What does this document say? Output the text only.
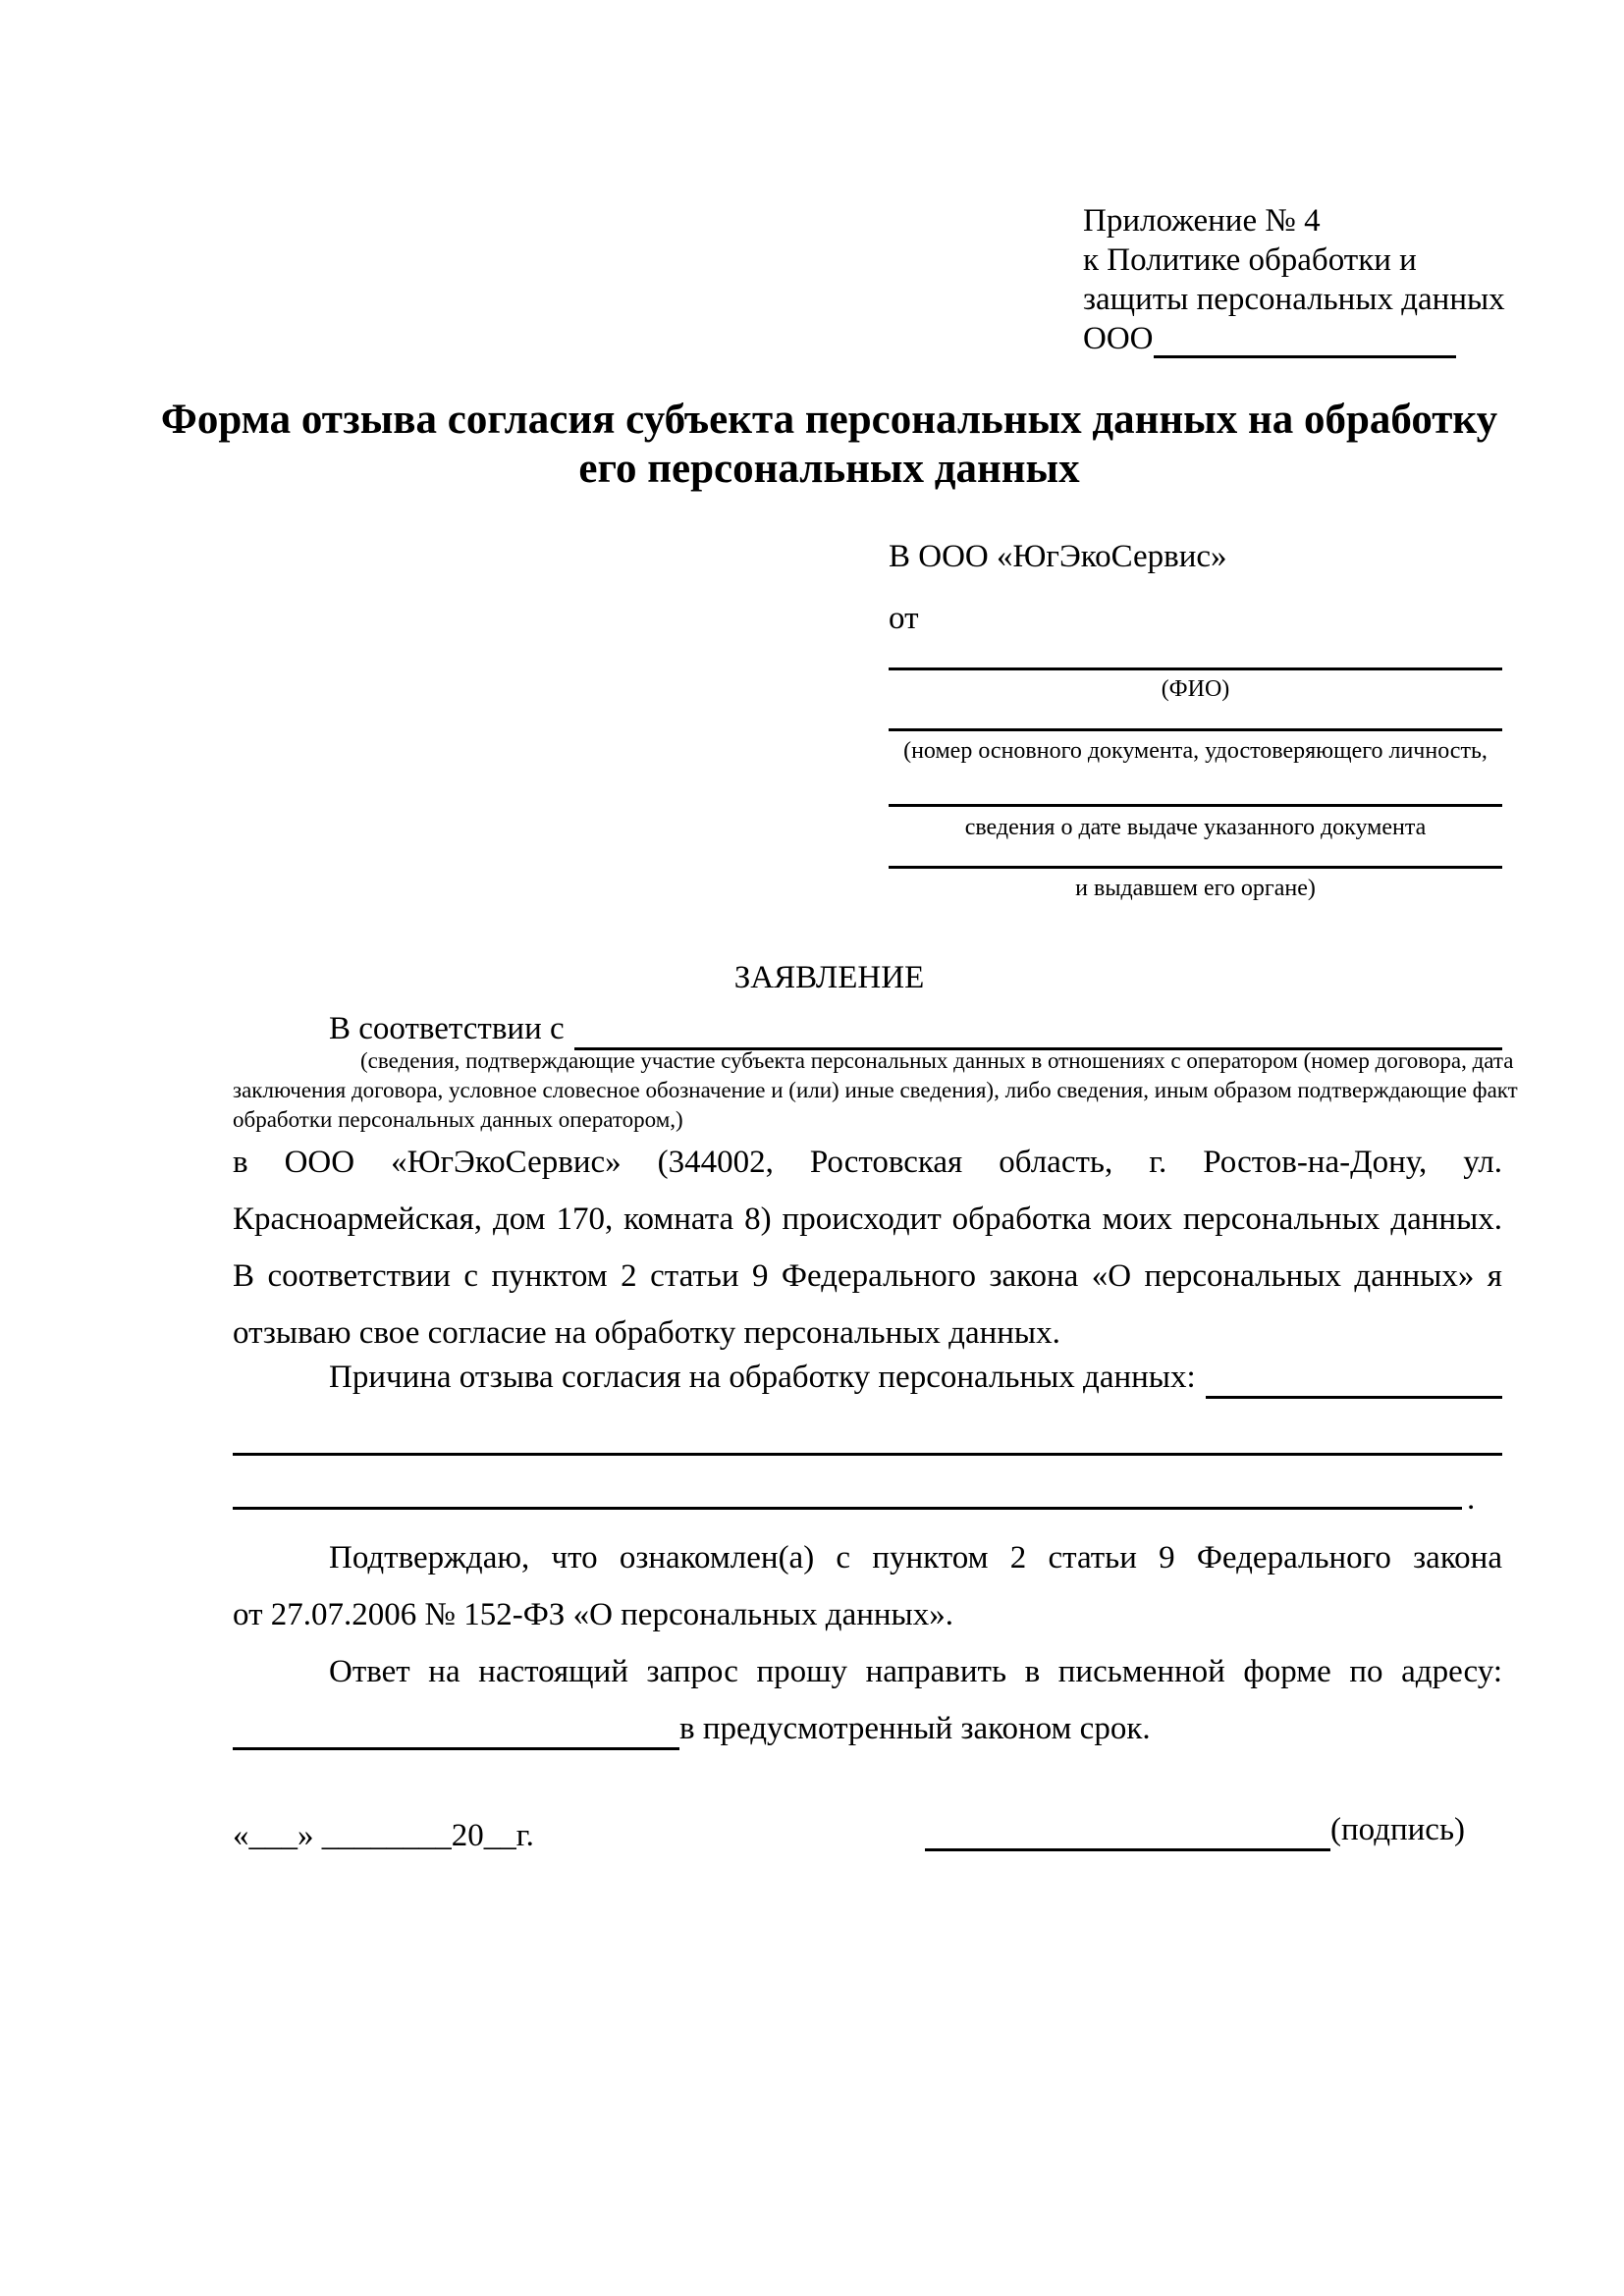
Приложение № 4
к Политике обработки и
защиты персональных данных
ООО
Форма отзыва согласия субъекта персональных данных на обработку
его персональных данных
В ООО «ЮгЭкоСервис»
от
(ФИО)
(номер основного документа, удостоверяющего личность,
сведения о дате выдаче указанного документа
и выдавшем его органе)
ЗАЯВЛЕНИЕ
В соответствии с
(сведения, подтверждающие участие субъекта персональных данных в отношениях с оператором (номер договора, дата
заключения договора, условное словесное обозначение и (или) иные сведения), либо сведения, иным образом подтверждающие факт
обработки персональных данных оператором,)
в ООО «ЮгЭкоСервис» (344002, Ростовская область, г. Ростов-на-Дону, ул.
Красноармейская, дом 170, комната 8) происходит обработка моих персональных данных.
В соответствии с пунктом 2 статьи 9 Федерального закона «О персональных данных» я
отзываю свое согласие на обработку персональных данных.
Причина отзыва согласия на обработку персональных данных:
.
Подтверждаю, что ознакомлен(а) с пунктом 2 статьи 9 Федерального закона
от 27.07.2006 № 152-ФЗ «О персональных данных».
Ответ на настоящий запрос прошу направить в письменной форме по адресу:
в предусмотренный законом срок.
«___» ________20__г.	(подпись)
